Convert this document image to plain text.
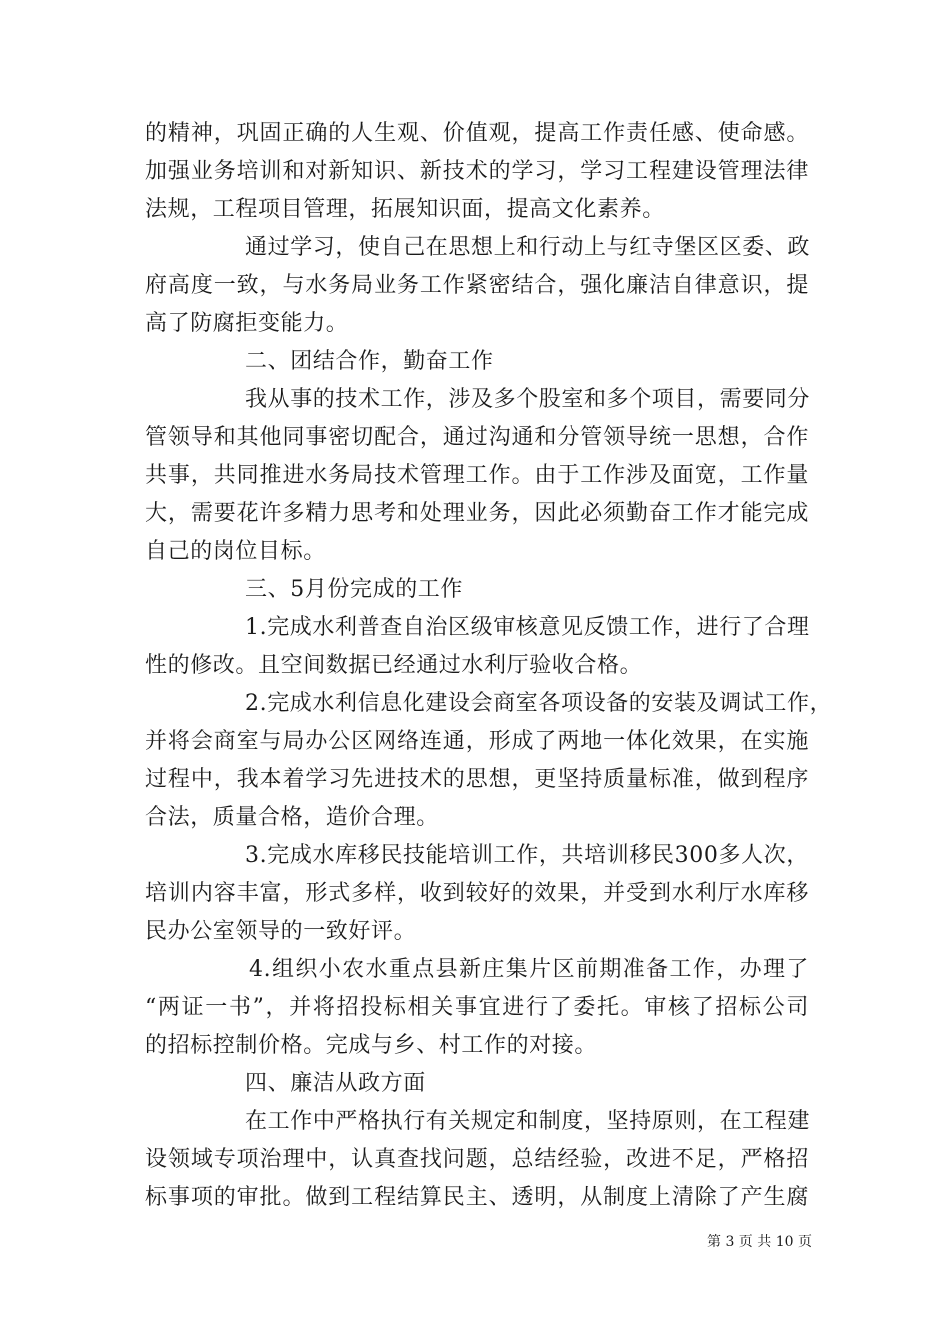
的精神，巩固正确的人生观、价值观，提高工作责任感、使命感。
加强业务培训和对新知识、新技术的学习，学习工程建设管理法律
法规，工程项目管理，拓展知识面，提高文化素养。
通过学习，使自己在思想上和行动上与红寺堡区区委、政
府高度一致，与水务局业务工作紧密结合，强化廉洁自律意识，提
高了防腐拒变能力。
二、团结合作，勤奋工作
我从事的技术工作，涉及多个股室和多个项目，需要同分
管领导和其他同事密切配合，通过沟通和分管领导统一思想，合作
共事，共同推进水务局技术管理工作。由于工作涉及面宽，工作量
大，需要花许多精力思考和处理业务，因此必须勤奋工作才能完成
自己的岗位目标。
三、5月份完成的工作
1.完成水利普查自治区级审核意见反馈工作，进行了合理
性的修改。且空间数据已经通过水利厅验收合格。
2.完成水利信息化建设会商室各项设备的安装及调试工作，
并将会商室与局办公区网络连通，形成了两地一体化效果，在实施
过程中，我本着学习先进技术的思想，更坚持质量标准，做到程序
合法，质量合格，造价合理。
3.完成水库移民技能培训工作，共培训移民300多人次，
培训内容丰富，形式多样，收到较好的效果，并受到水利厅水库移
民办公室领导的一致好评。
4.组织小农水重点县新庄集片区前期准备工作，办理了
“两证一书”，并将招投标相关事宜进行了委托。审核了招标公司
的招标控制价格。完成与乡、村工作的对接。
四、廉洁从政方面
在工作中严格执行有关规定和制度，坚持原则，在工程建
设领域专项治理中，认真查找问题，总结经验，改进不足，严格招
标事项的审批。做到工程结算民主、透明，从制度上清除了产生腐
第 3 页 共 10 页
